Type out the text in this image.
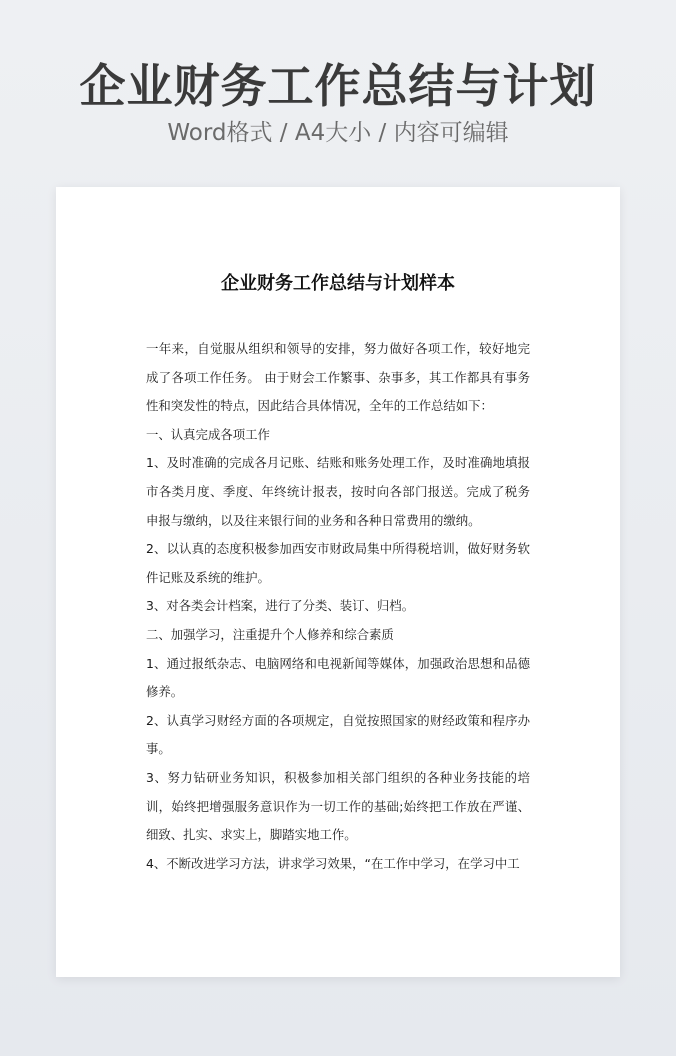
企业财务工作总结与计划
Word格式 / A4大小 / 内容可编辑
企业财务工作总结与计划样本

一年来，自觉服从组织和领导的安排，努力做好各项工作，较好地完成了各项工作任务。 由于财会工作繁事、杂事多，其工作都具有事务性和突发性的特点，因此结合具体情况，全年的工作总结如下：

一、认真完成各项工作

1、及时准确的完成各月记账、结账和账务处理工作，及时准确地填报市各类月度、季度、年终统计报表，按时向各部门报送。完成了税务申报与缴纳，以及往来银行间的业务和各种日常费用的缴纳。

2、以认真的态度积极参加西安市财政局集中所得税培训，做好财务软件记账及系统的维护。

3、对各类会计档案，进行了分类、装订、归档。

二、加强学习，注重提升个人修养和综合素质

1、通过报纸杂志、电脑网络和电视新闻等媒体，加强政治思想和品德修养。

2、认真学习财经方面的各项规定，自觉按照国家的财经政策和程序办事。

3、努力钻研业务知识，积极参加相关部门组织的各种业务技能的培训，始终把增强服务意识作为一切工作的基础;始终把工作放在严谨、细致、扎实、求实上，脚踏实地工作。

4、不断改进学习方法，讲求学习效果，“在工作中学习，在学习中工
